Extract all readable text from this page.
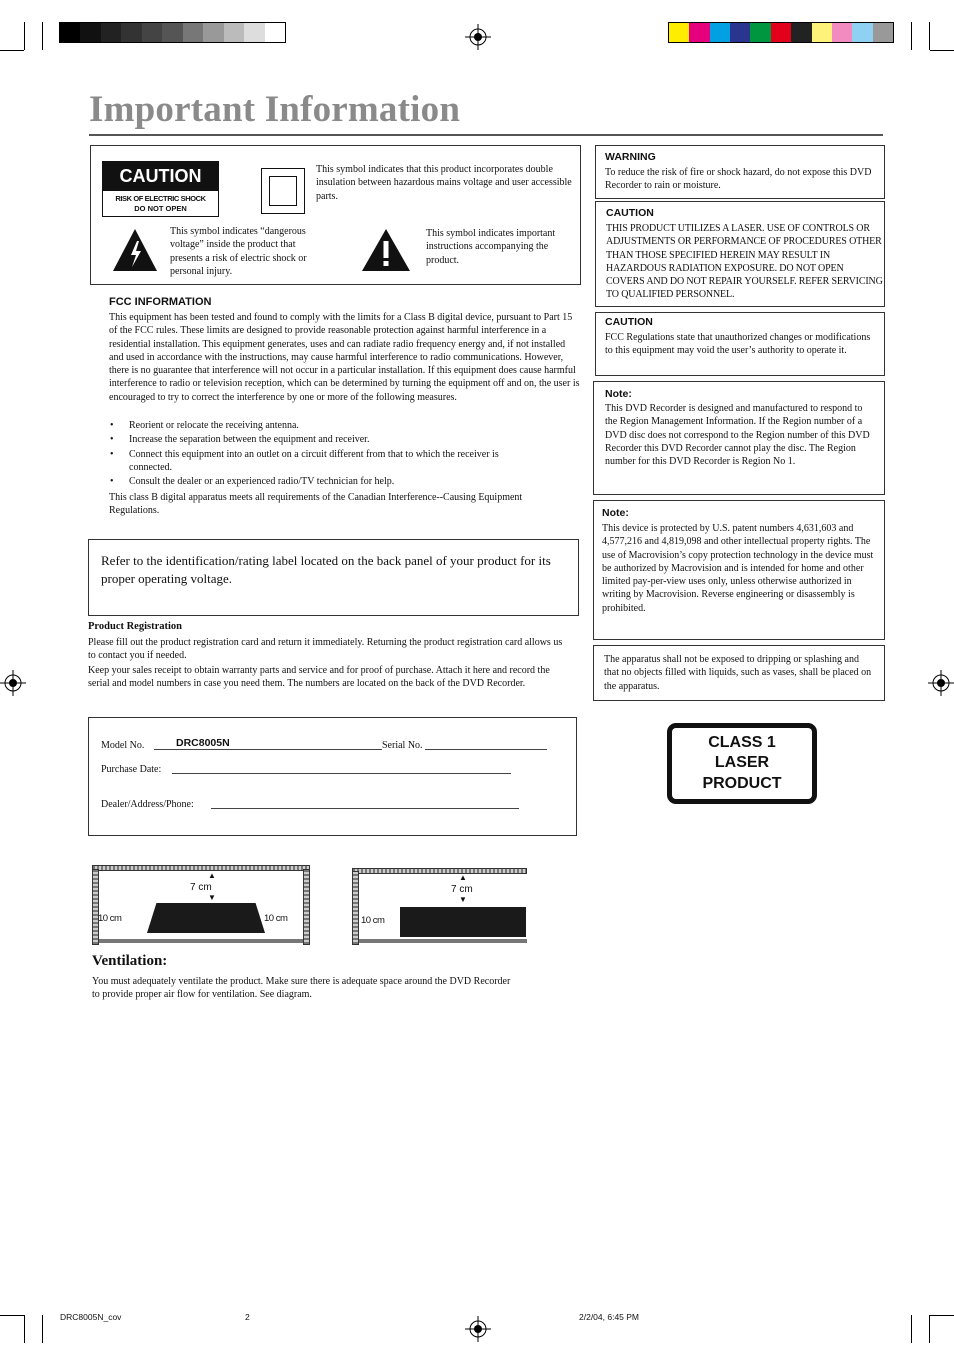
Important Information
CAUTION
RISK OF ELECTRIC SHOCK
DO NOT OPEN
This symbol indicates that this product incorporates double insulation between hazardous mains voltage and user accessible parts.
This symbol indicates “dangerous voltage” inside the product that presents a risk of electric shock or personal injury.
This symbol indicates important instructions accompanying the product.
FCC INFORMATION
This equipment has been tested and found to comply with the limits for a Class B digital device, pursuant to Part 15 of the FCC rules. These limits are designed to provide reasonable protection against harmful interference in a residential installation. This equipment generates, uses and can radiate radio frequency energy and, if not installed and used in accordance with the instructions, may cause harmful interference to radio communications. However, there is no guarantee that interference will not occur in a particular installation. If this equipment does cause harmful interference to radio or television reception, which can be determined by turning the equipment off and on, the user is encouraged to try to correct the interference by one or more of the following measures.
• Reorient or relocate the receiving antenna.
• Increase the separation between the equipment and receiver.
• Connect this equipment into an outlet on a circuit different from that to which the receiver is connected.
• Consult the dealer or an experienced radio/TV technician for help.
This class B digital apparatus meets all requirements of the Canadian Interference--Causing Equipment Regulations.
Refer to the identification/rating label located on the back panel of your product for its proper operating voltage.
Product Registration
Please fill out the product registration card and return it immediately. Returning the product registration card allows us to contact you if needed.
Keep your sales receipt to obtain warranty parts and service and for proof of purchase. Attach it here and record the serial and model numbers in case you need them. The numbers are located on the back of the DVD Recorder.
Model No.	DRC8005N	Serial No.
Purchase Date:
Dealer/Address/Phone:
▲
7 cm
▼
10 cm	10 cm
▲
7 cm
▼
10 cm
Ventilation:
You must adequately ventilate the product. Make sure there is adequate space around the DVD Recorder to provide proper air flow for ventilation. See diagram.
WARNING
To reduce the risk of fire or shock hazard, do not expose this DVD Recorder to rain or moisture.
CAUTION
THIS PRODUCT UTILIZES A LASER. USE OF CONTROLS OR ADJUSTMENTS OR PERFORMANCE OF PROCEDURES OTHER THAN THOSE SPECIFIED HEREIN MAY RESULT IN HAZARDOUS RADIATION EXPOSURE. DO NOT OPEN COVERS AND DO NOT REPAIR YOURSELF. REFER SERVICING TO QUALIFIED PERSONNEL.
CAUTION
FCC Regulations state that unauthorized changes or modifications to this equipment may void the user’s authority to operate it.
Note:
This DVD Recorder is designed and manufactured to respond to the Region Management Information. If the Region number of a DVD disc does not correspond to the Region number of this DVD Recorder this DVD Recorder cannot play the disc. The Region number for this DVD Recorder is Region No 1.
Note:
This device is protected by U.S. patent numbers 4,631,603 and 4,577,216 and 4,819,098 and other intellectual property rights. The use of Macrovision’s copy protection technology in the device must be authorized by Macrovision and is intended for home and other limited pay-per-view uses only, unless otherwise authorized in writing by Macrovision. Reverse engineering or disassembly is prohibited.
The apparatus shall not be exposed to dripping or splashing and that no objects filled with liquids, such as vases, shall be placed on the apparatus.
CLASS 1
LASER
PRODUCT
DRC8005N_cov	2	2/2/04, 6:45 PM
